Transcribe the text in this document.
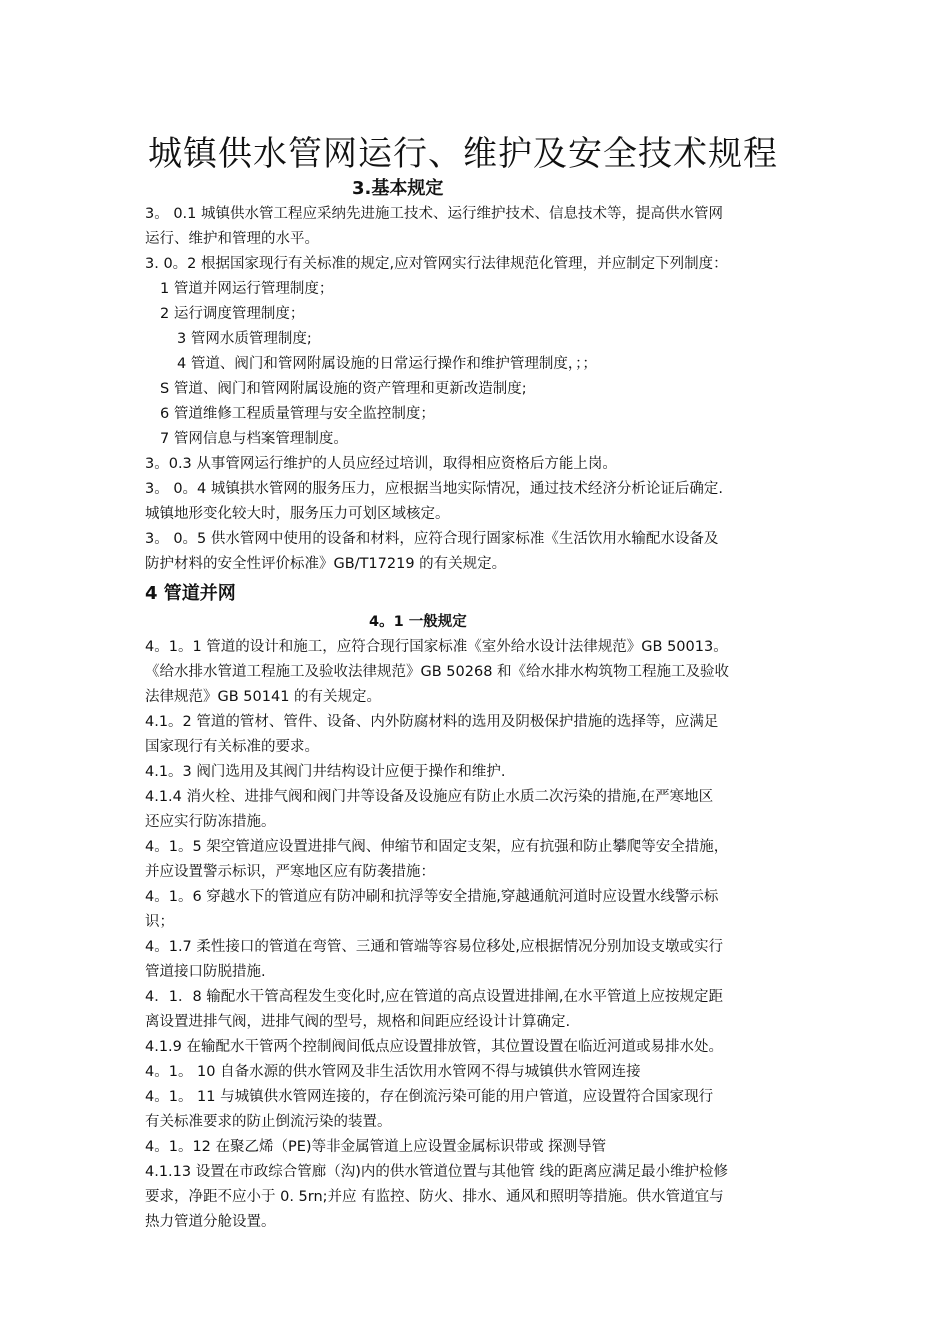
城镇供水管网运行、维护及安全技术规程
3.基本规定

3。 0.1 城镇供水管工程应采纳先进施工技术、运行维护技术、信息技术等，提高供水管网

运行、维护和管理的水平。

3. 0。2 根据国家现行有关标准的规定,应对管网实行法律规范化管理，并应制定下列制度：

1 管道并网运行管理制度；

2 运行调度管理制度；

3 管网水质管理制度;

4 管道、阀门和管网附属设施的日常运行操作和维护管理制度，；；

S 管道、阀门和管网附属设施的资产管理和更新改造制度;

6 管道维修工程质量管理与安全监控制度；

7 管网信息与档案管理制度。

3。0.3 从事管网运行维护的人员应经过培训，取得相应资格后方能上岗。

3。 0。4 城镇拱水管网的服务压力，应根据当地实际情况，通过技术经济分析论证后确定.

城镇地形变化较大时，服务压力可划区域核定。

3。 0。5 供水管网中使用的设备和材料，应符合现行圄家标准《生活饮用水输配水设备及

防护材料的安全性评价标准》GB/T17219 的有关规定。

4 管道并网

4。1 一般规定

4。1。1 管道的设计和施工，应符合现行国家标准《室外给水设计法律规范》GB 50013。

《给水排水管道工程施工及验收法律规范》GB 50268 和《给水排水构筑物工程施工及验收

法律规范》GB 50141 的有关规定。

4.1。2 管道的管材、管件、设备、内外防腐材料的选用及阴极保护措施的选择等，应满足

国家现行有关标准的要求。

4.1。3 阀门选用及其阀门井结构设计应便于操作和维护.

4.1.4 消火栓、进排气阀和阀门井等设备及设施应有防止水质二次污染的措施,在严寒地区

还应实行防冻措施。

4。1。5 架空管道应设置进排气阀、伸缩节和固定支架，应有抗强和防止攀爬等安全措施，

并应设置警示标识，严寒地区应有防袭措施：

4。1。6 穿越水下的管道应有防冲刷和抗浮等安全措施,穿越通航河道时应设置水线警示标

识；

4。1.7 柔性接口的管道在弯管、三通和管端等容易位移处,应根据情况分别加设支墩或实行

管道接口防脱措施.

4．1．8 输配水干管高程发生变化时,应在管道的高点设置进排阐,在水平管道上应按规定距

离设置进排气阀，进排气阀的型号，规格和间距应经设计计算确定.

4.1.9 在输配水干管两个控制阀间低点应设置排放管，其位置设置在临近河道或易排水处。

4。1。 10 自备水源的供水管网及非生活饮用水管网不得与城镇供水管网连接

4。1。 11 与城镇供水管网连接的，存在倒流污染可能的用户管道，应设置符合国家现行

有关标准要求的防止倒流污染的装置。

4。1。12 在聚乙烯（PE)等非金属管道上应设置金属标识带或 探测导管

4.1.13 设置在市政综合管廊（沟)内的供水管道位置与其他管 线的距离应满足最小维护检修

要求，净距不应小于 0. 5rn;并应 有监控、防火、排水、通风和照明等措施。供水管道宜与

热力管道分舱设置。
